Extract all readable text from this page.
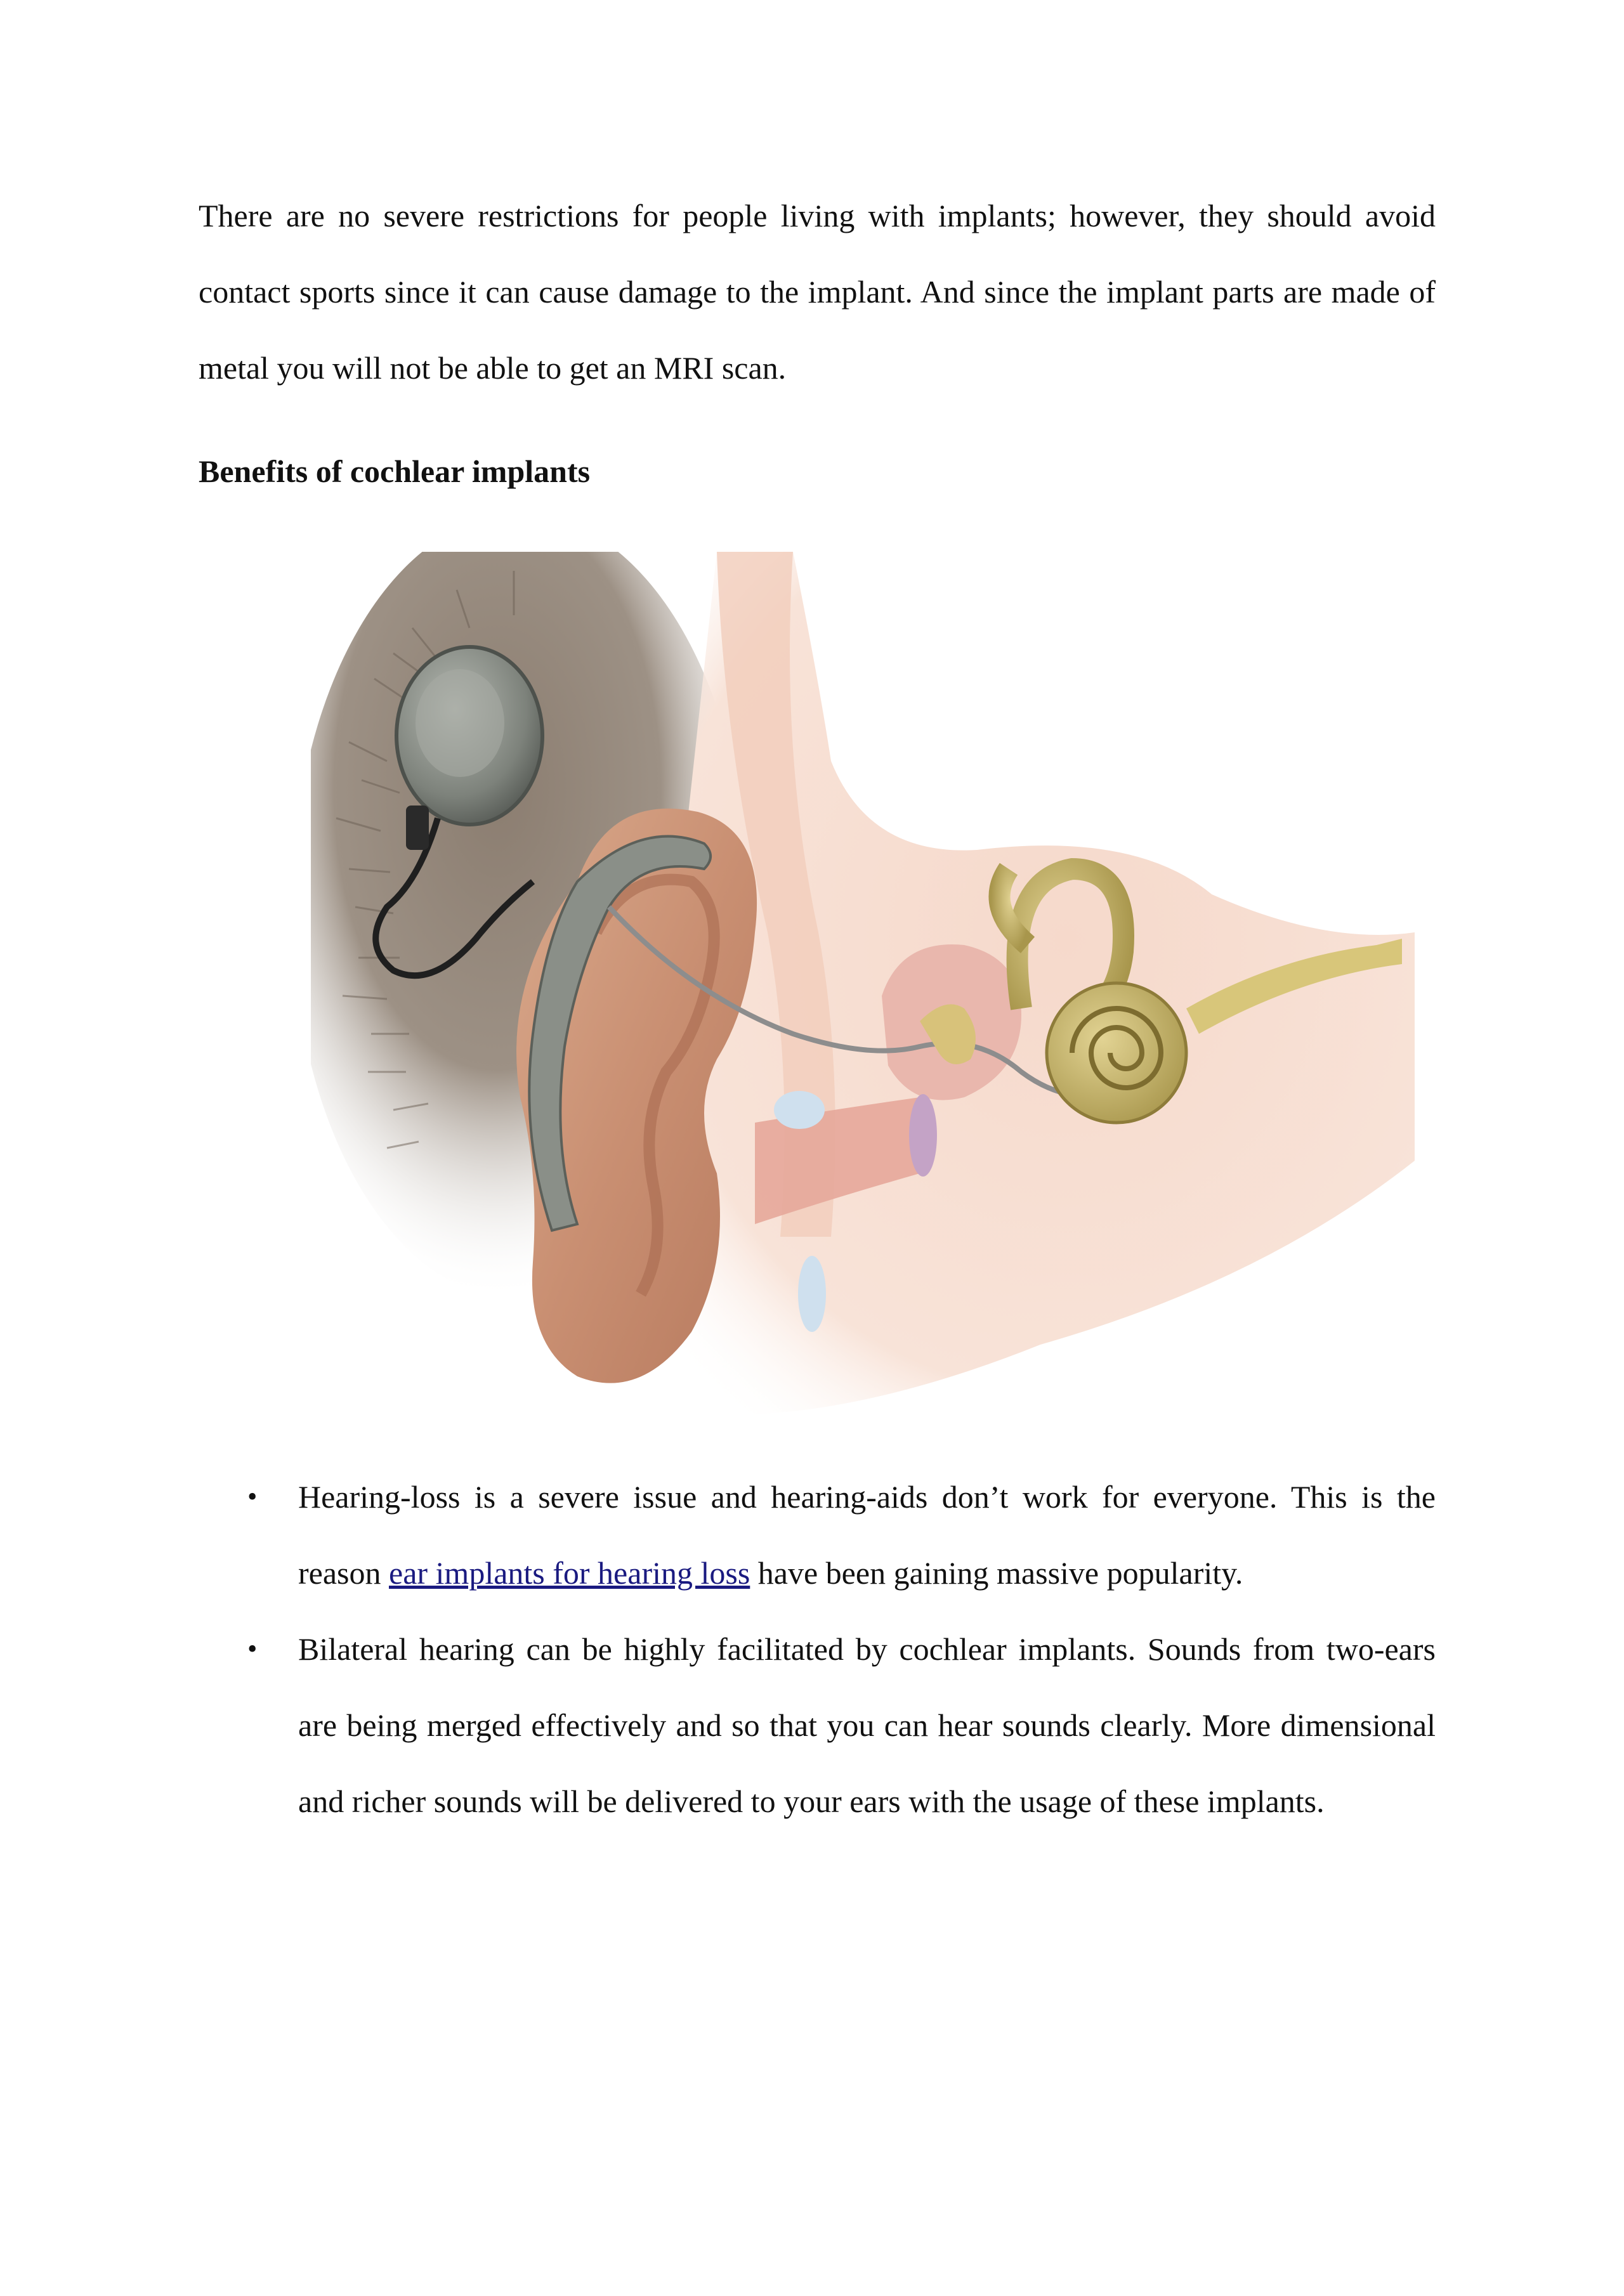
There are no severe restrictions for people living with implants; however, they should avoid contact sports since it can cause damage to the implant. And since the implant parts are made of metal you will not be able to get an MRI scan.

Benefits of cochlear implants

• Hearing-loss is a severe issue and hearing-aids don’t work for everyone. This is the reason ear implants for hearing loss have been gaining massive popularity.
• Bilateral hearing can be highly facilitated by cochlear implants. Sounds from two-ears are being merged effectively and so that you can hear sounds clearly. More dimensional and richer sounds will be delivered to your ears with the usage of these implants.
